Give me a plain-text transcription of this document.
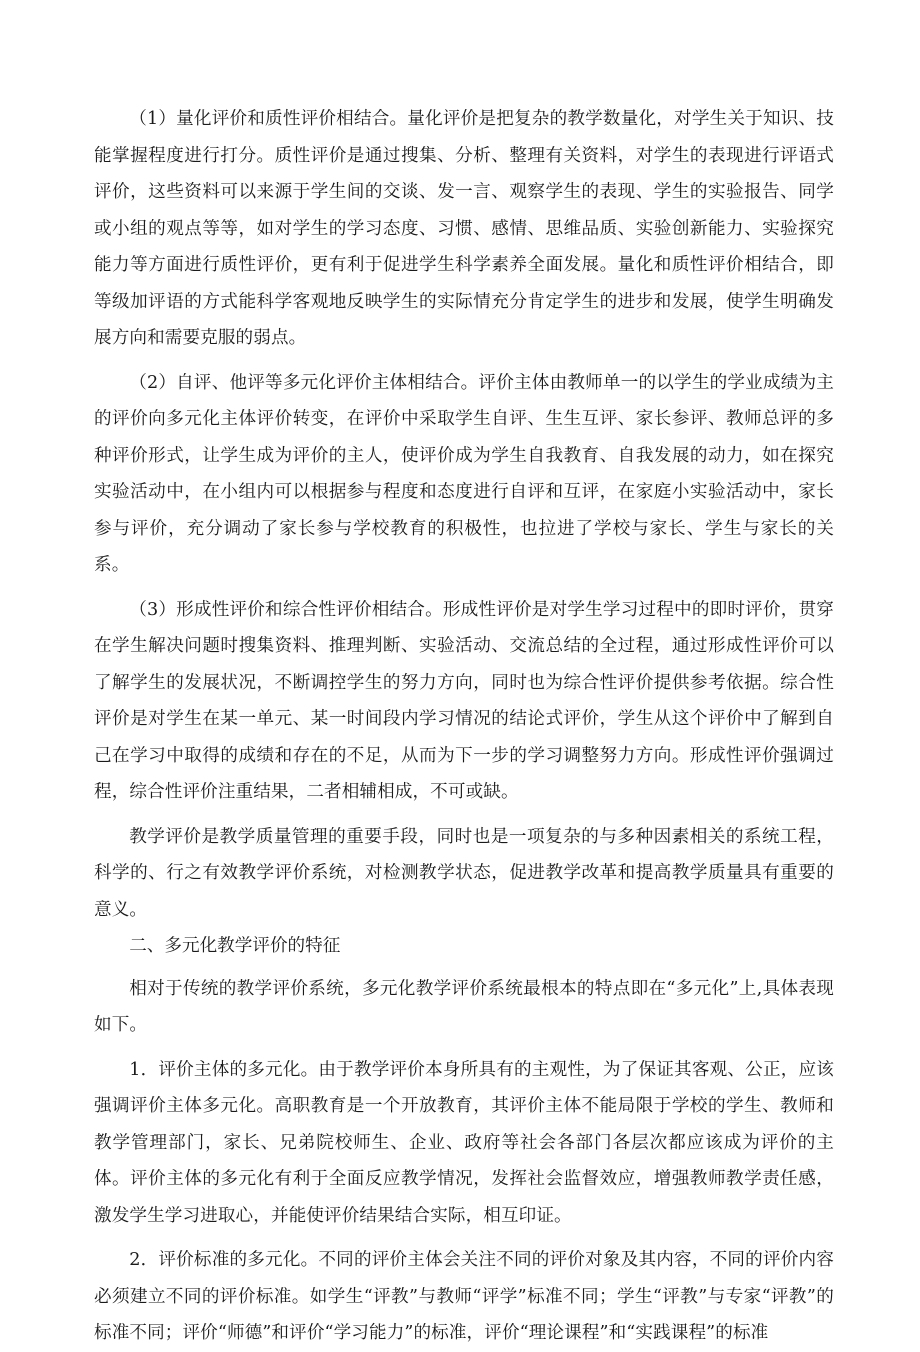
（1）量化评价和质性评价相结合。量化评价是把复杂的教学数量化，对学生关于知识、技能掌握程度进行打分。质性评价是通过搜集、分析、整理有关资料，对学生的表现进行评语式评价，这些资料可以来源于学生间的交谈、发一言、观察学生的表现、学生的实验报告、同学或小组的观点等等，如对学生的学习态度、习惯、感情、思维品质、实验创新能力、实验探究能力等方面进行质性评价，更有利于促进学生科学素养全面发展。量化和质性评价相结合，即等级加评语的方式能科学客观地反映学生的实际情充分肯定学生的进步和发展，使学生明确发展方向和需要克服的弱点。

（2）自评、他评等多元化评价主体相结合。评价主体由教师单一的以学生的学业成绩为主的评价向多元化主体评价转变，在评价中采取学生自评、生生互评、家长参评、教师总评的多种评价形式，让学生成为评价的主人，使评价成为学生自我教育、自我发展的动力，如在探究实验活动中，在小组内可以根据参与程度和态度进行自评和互评，在家庭小实验活动中，家长参与评价，充分调动了家长参与学校教育的积极性，也拉进了学校与家长、学生与家长的关系。

（3）形成性评价和综合性评价相结合。形成性评价是对学生学习过程中的即时评价，贯穿在学生解决问题时搜集资料、推理判断、实验活动、交流总结的全过程，通过形成性评价可以了解学生的发展状况，不断调控学生的努力方向，同时也为综合性评价提供参考依据。综合性评价是对学生在某一单元、某一时间段内学习情况的结论式评价，学生从这个评价中了解到自己在学习中取得的成绩和存在的不足，从而为下一步的学习调整努力方向。形成性评价强调过程，综合性评价注重结果，二者相辅相成，不可或缺。

教学评价是教学质量管理的重要手段，同时也是一项复杂的与多种因素相关的系统工程，科学的、行之有效教学评价系统，对检测教学状态，促进教学改革和提高教学质量具有重要的意义。

二、多元化教学评价的特征

相对于传统的教学评价系统，多元化教学评价系统最根本的特点即在“多元化”上,具体表现如下。

1．评价主体的多元化。由于教学评价本身所具有的主观性，为了保证其客观、公正，应该强调评价主体多元化。高职教育是一个开放教育，其评价主体不能局限于学校的学生、教师和教学管理部门，家长、兄弟院校师生、企业、政府等社会各部门各层次都应该成为评价的主体。评价主体的多元化有利于全面反应教学情况，发挥社会监督效应，增强教师教学责任感，激发学生学习进取心，并能使评价结果结合实际，相互印证。

2．评价标准的多元化。不同的评价主体会关注不同的评价对象及其内容，不同的评价内容必须建立不同的评价标准。如学生“评教”与教师“评学”标准不同；学生“评教”与专家“评教”的标准不同；评价“师德”和评价“学习能力”的标准，评价“理论课程”和“实践课程”的标准
